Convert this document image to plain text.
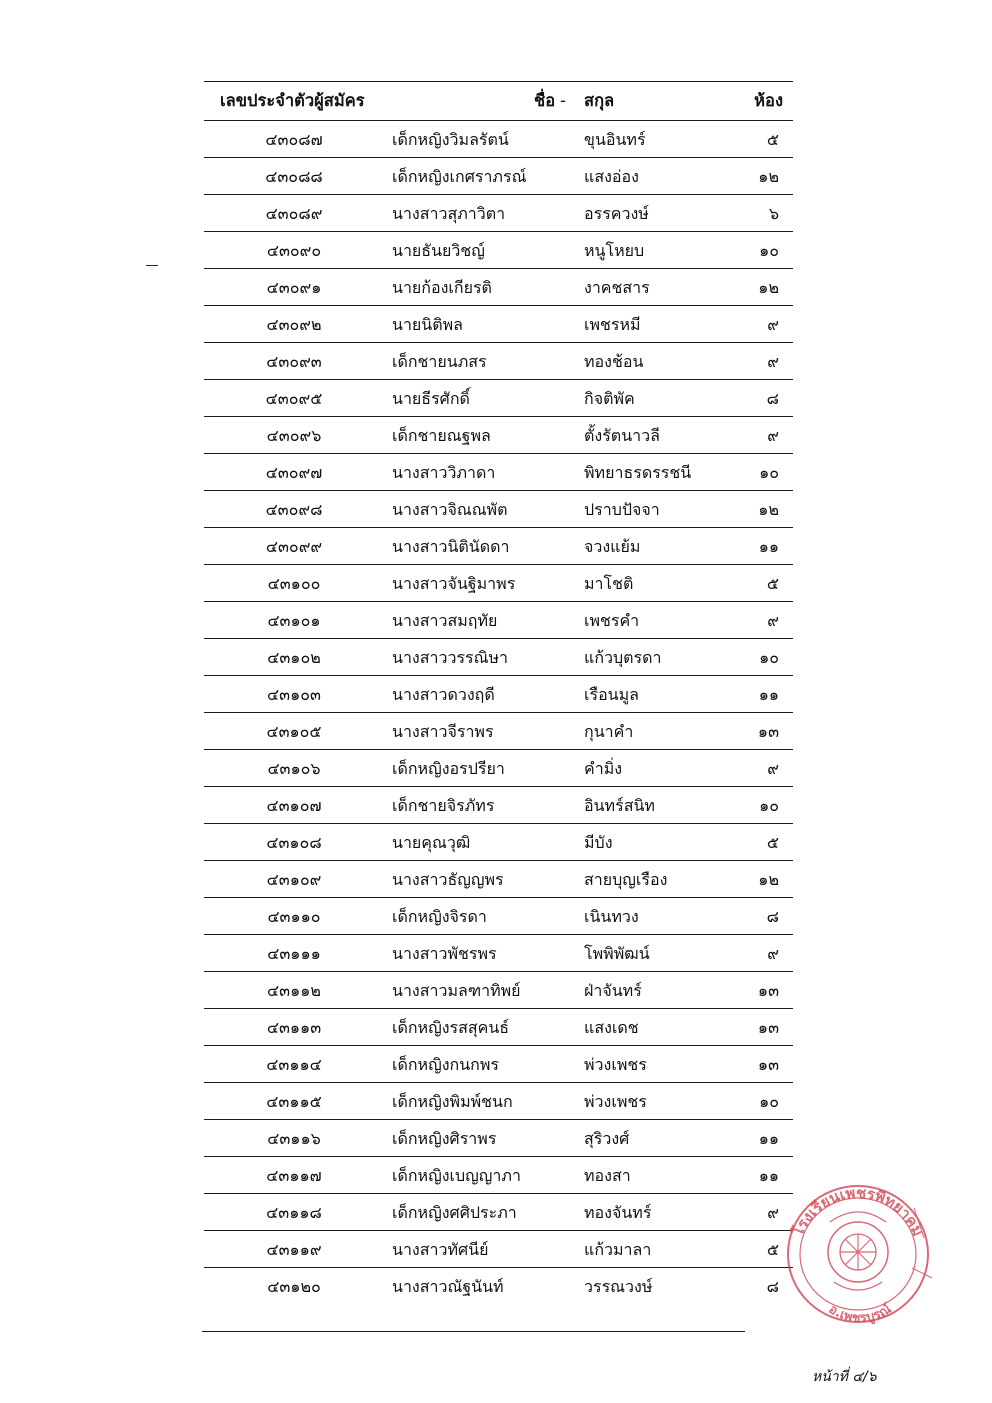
เลขประจำตัวผู้สมัคร	ชื่อ - สกุล	ห้อง
๔๓๐๘๗	เด็กหญิงวิมลรัตน์	ขุนอินทร์	๕
๔๓๐๘๘	เด็กหญิงเกศราภรณ์	แสงอ่อง	๑๒
๔๓๐๘๙	นางสาวสุภาวิตา	อรรควงษ์	๖
๔๓๐๙๐	นายธันยวิชญ์	หนูโหยบ	๑๐
๔๓๐๙๑	นายก้องเกียรติ	งาคชสาร	๑๒
๔๓๐๙๒	นายนิติพล	เพชรหมี	๙
๔๓๐๙๓	เด็กชายนภสร	ทองช้อน	๙
๔๓๐๙๕	นายธีรศักดิ์	กิจติพัค	๘
๔๓๐๙๖	เด็กชายณฐพล	ตั้งรัตนาวลี	๙
๔๓๐๙๗	นางสาววิภาดา	พิทยาธรดรรชนี	๑๐
๔๓๐๙๘	นางสาวจิณณพัต	ปราบปัจจา	๑๒
๔๓๐๙๙	นางสาวนิตินัดดา	จวงแย้ม	๑๑
๔๓๑๐๐	นางสาวจันฐิมาพร	มาโชติ	๕
๔๓๑๐๑	นางสาวสมฤทัย	เพชรคำ	๙
๔๓๑๐๒	นางสาววรรณิษา	แก้วบุตรดา	๑๐
๔๓๑๐๓	นางสาวดวงฤดี	เรือนมูล	๑๑
๔๓๑๐๕	นางสาวจีราพร	กุนาคำ	๑๓
๔๓๑๐๖	เด็กหญิงอรปรียา	คำมิ่ง	๙
๔๓๑๐๗	เด็กชายจิรภัทร	อินทร์สนิท	๑๐
๔๓๑๐๘	นายคุณวุฒิ	มีบัง	๕
๔๓๑๐๙	นางสาวธัญญพร	สายบุญเรือง	๑๒
๔๓๑๑๐	เด็กหญิงจิรดา	เนินทวง	๘
๔๓๑๑๑	นางสาวพัชรพร	โพพิพัฒน์	๙
๔๓๑๑๒	นางสาวมลฑาทิพย์	ฝ่าจันทร์	๑๓
๔๓๑๑๓	เด็กหญิงรสสุคนธ์	แสงเดช	๑๓
๔๓๑๑๔	เด็กหญิงกนกพร	พ่วงเพชร	๑๓
๔๓๑๑๕	เด็กหญิงพิมพ์ชนก	พ่วงเพชร	๑๐
๔๓๑๑๖	เด็กหญิงศิราพร	สุริวงศ์	๑๑
๔๓๑๑๗	เด็กหญิงเบญญาภา	ทองสา	๑๑
๔๓๑๑๘	เด็กหญิงศศิประภา	ทองจันทร์	๙
๔๓๑๑๙	นางสาวทัศนีย์	แก้วมาลา	๕
๔๓๑๒๐	นางสาวณัฐนันท์	วรรณวงษ์	๘
โรงเรียนเพชรพิทยาคม
อ.เพชรบูรณ์
หน้าที่ ๔/๖
